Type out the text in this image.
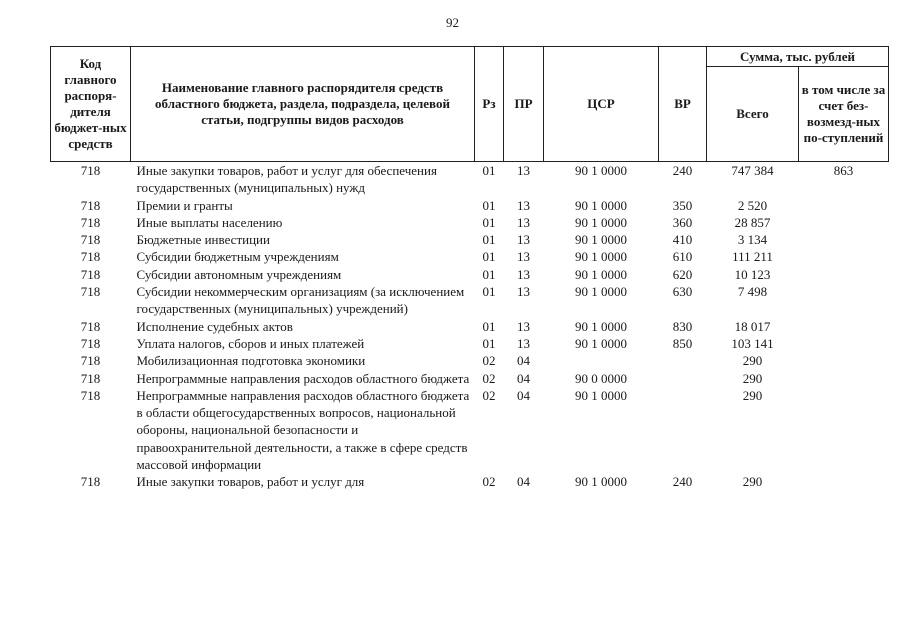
92
Код главного распоря-дителя бюджет-ных средств	Наименование главного распорядителя средств областного бюджета, раздела, подраздела, целевой статьи, подгруппы видов расходов	Рз	ПР	ЦСР	ВР	Сумма, тыс. рублей	
						Всего	в том числе за счет без-возмезд-ных по-ступлений
718	Иные закупки товаров, работ и услуг для обеспечения государственных (муниципальных) нужд	01	13	90 1 0000	240	747 384	863
718	Премии и гранты	01	13	90 1 0000	350	2 520	
718	Иные выплаты населению	01	13	90 1 0000	360	28 857	
718	Бюджетные инвестиции	01	13	90 1 0000	410	3 134	
718	Субсидии бюджетным учреждениям	01	13	90 1 0000	610	111 211	
718	Субсидии автономным учреждениям	01	13	90 1 0000	620	10 123	
718	Субсидии некоммерческим организациям (за исключением государственных (муниципальных) учреждений)	01	13	90 1 0000	630	7 498	
718	Исполнение судебных актов	01	13	90 1 0000	830	18 017	
718	Уплата налогов, сборов и иных платежей	01	13	90 1 0000	850	103 141	
718	Мобилизационная подготовка экономики	02	04			290	
718	Непрограммные направления расходов областного бюджета	02	04	90 0 0000		290	
718	Непрограммные направления расходов областного бюджета в области общегосударственных вопросов, национальной обороны, национальной безопасности и правоохранительной деятельности, а также в сфере средств массовой информации	02	04	90 1 0000		290	
718	Иные закупки товаров, работ и услуг для	02	04	90 1 0000	240	290	
